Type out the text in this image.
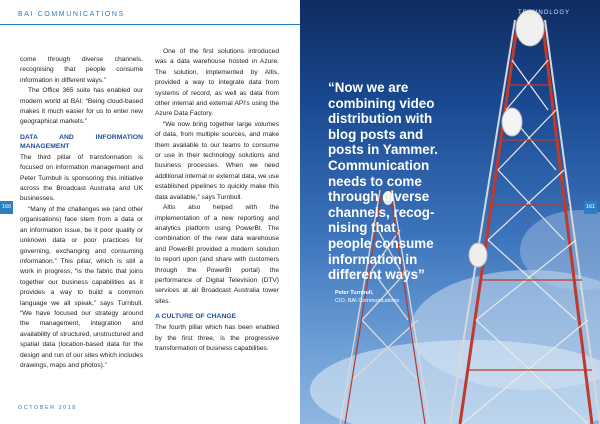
BAI COMMUNICATIONS

come through diverse channels, recognising that people consume information in different ways.”

The Office 365 suite has enabled our modern world at BAI: “Being cloud-based makes it much easier for us to enter new geographical markets.”

DATA AND INFORMATION MANAGEMENT

The third pillar of transformation is focused on information management and Peter Turnbull is sponsoring this initiative across the Broadcast Australia and UK businesses.

“Many of the challenges we (and other organisations) face stem from a data or an information issue, be it poor quality or unknown data or poor practices for governing, exchanging and consuming information.” This pillar, which is still a work in progress, “is the fabric that joins together our business capabilities as it provides a way to build a common language we all speak,” says Turnbull. “We have focused our strategy around the management, integration and availability of structured, unstructured and spatial data (location-based data for the design and run of our sites which includes drawings, maps and photos).”

One of the first solutions introduced was a data warehouse hosted in Azure. The solution, implemented by Altis, provided a way to integrate data from systems of record, as well as data from other internal and external API's using the Azure Data Factory.

“We now bring together large volumes of data, from multiple sources, and make them available to our teams to consume or use in their technology solutions and business processes. When we need additional internal or external data, we use established pipelines to quickly make this data available,” says Turnbull.

Altis also helped with the implementation of a new reporting and analytics platform using PowerBI. The combination of the new data warehouse and PowerBI provided a modern solution to report upon (and share with customers through the PowerBI portal) the performance of Digital Television (DTV) services at all Broadcast Australia tower sites.

A CULTURE OF CHANGE

The fourth pillar which has been enabled by the first three, is the progressive transformation of business capabilities.

OCTOBER 2018
“Now we are
combining video
distribution with
blog posts and
posts in Yammer.
Communication
needs to come
through diverse
channels, recog-
nising that
people consume
information in
different ways”
Peter Turnbull,
CIO, BAI Communications
TECHNOLOGY
160	161
